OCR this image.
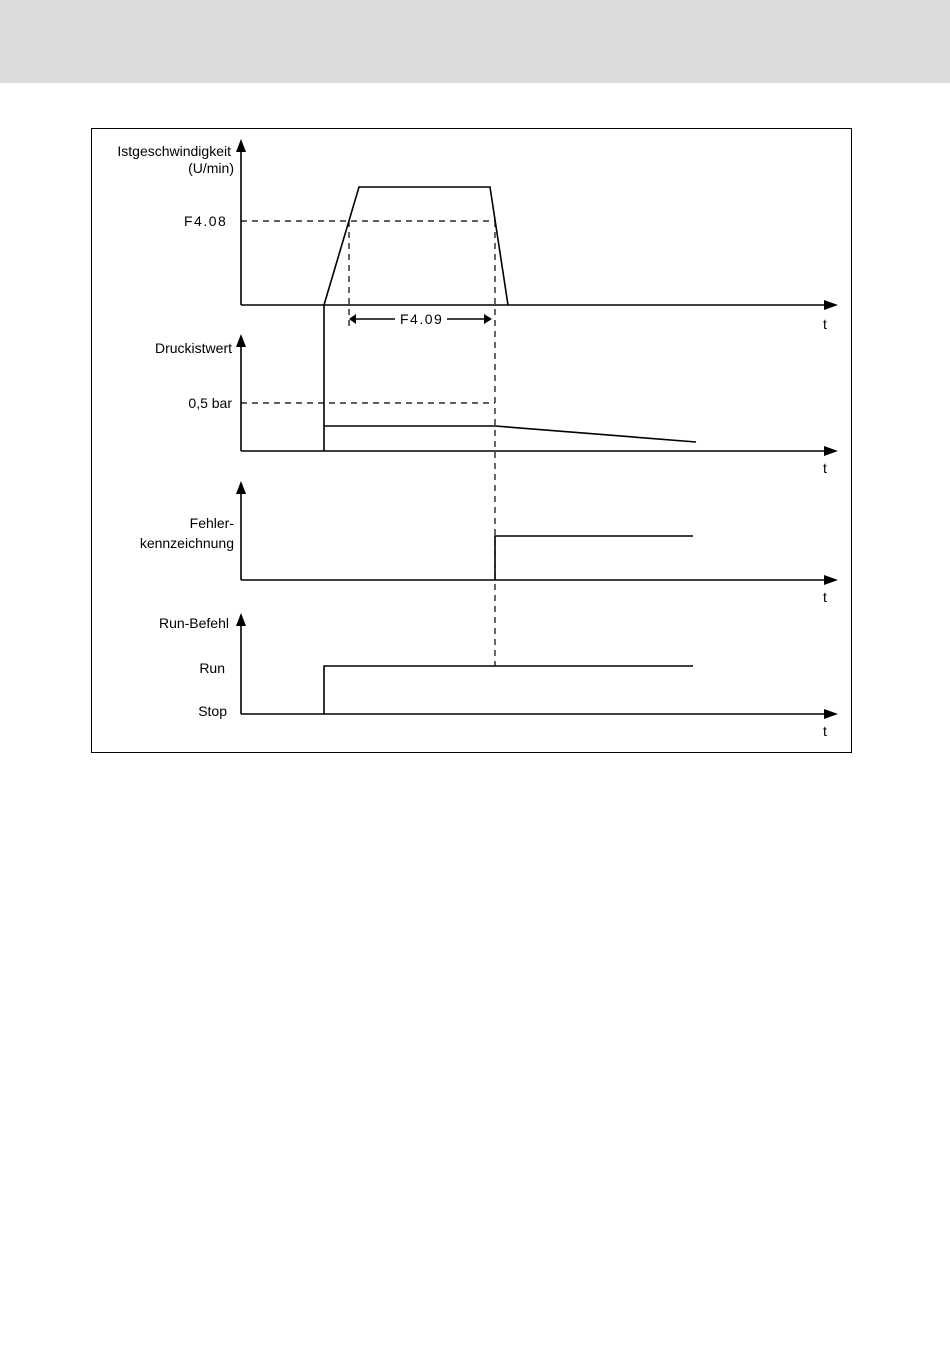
Istgeschwindigkeit
(U/min)
F4.08
t
F4.09
Druckistwert
0,5 bar
t
Fehler-
kennzeichnung
t
Run-Befehl
Run
Stop
t
